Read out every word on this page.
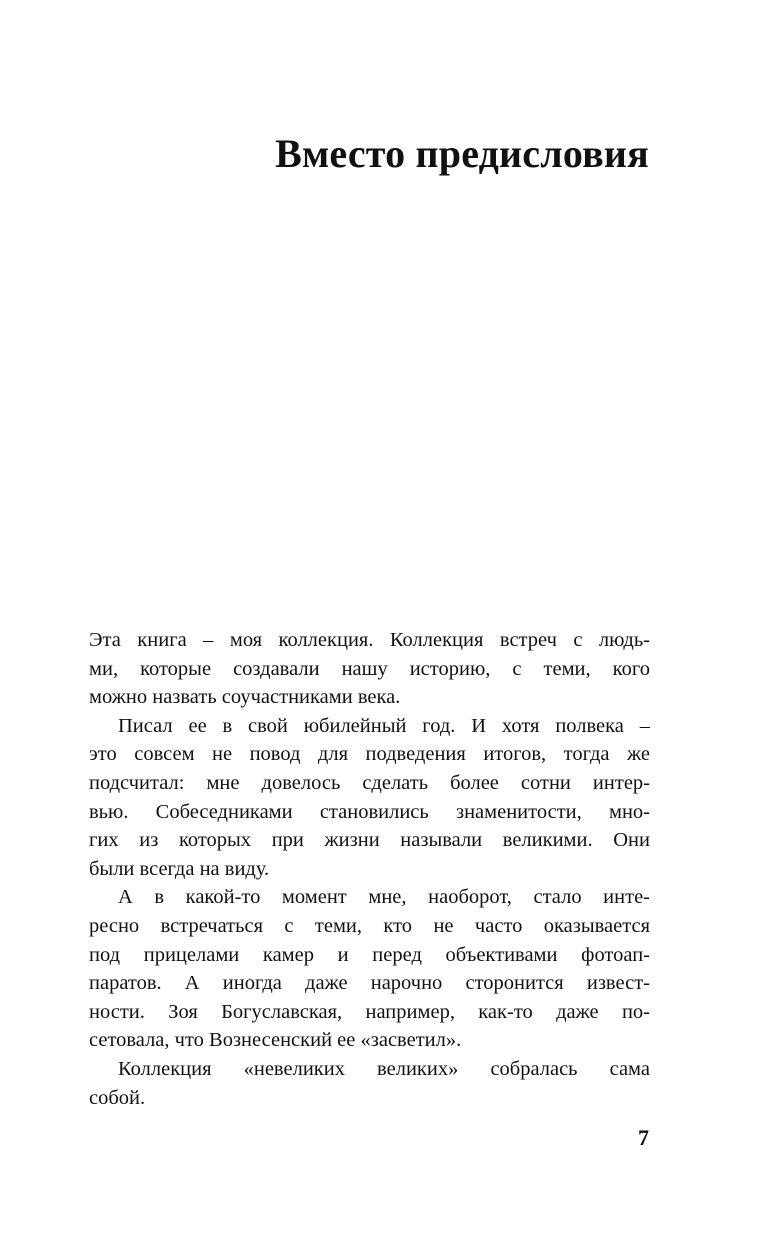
Вместо предисловия
Эта книга – моя коллекция. Коллекция встреч с людь-
ми, которые создавали нашу историю, с теми, кого
можно назвать соучастниками века.
Писал ее в свой юбилейный год. И хотя полвека –
это совсем не повод для подведения итогов, тогда же
подсчитал: мне довелось сделать более сотни интер-
вью. Собеседниками становились знаменитости, мно-
гих из которых при жизни называли великими. Они
были всегда на виду.
А в какой-то момент мне, наоборот, стало инте-
ресно встречаться с теми, кто не часто оказывается
под прицелами камер и перед объективами фотоап-
паратов. А иногда даже нарочно сторонится извест-
ности. Зоя Богуславская, например, как-то даже по-
сетовала, что Вознесенский ее «засветил».
Коллекция «невеликих великих» собралась сама
собой.
7
